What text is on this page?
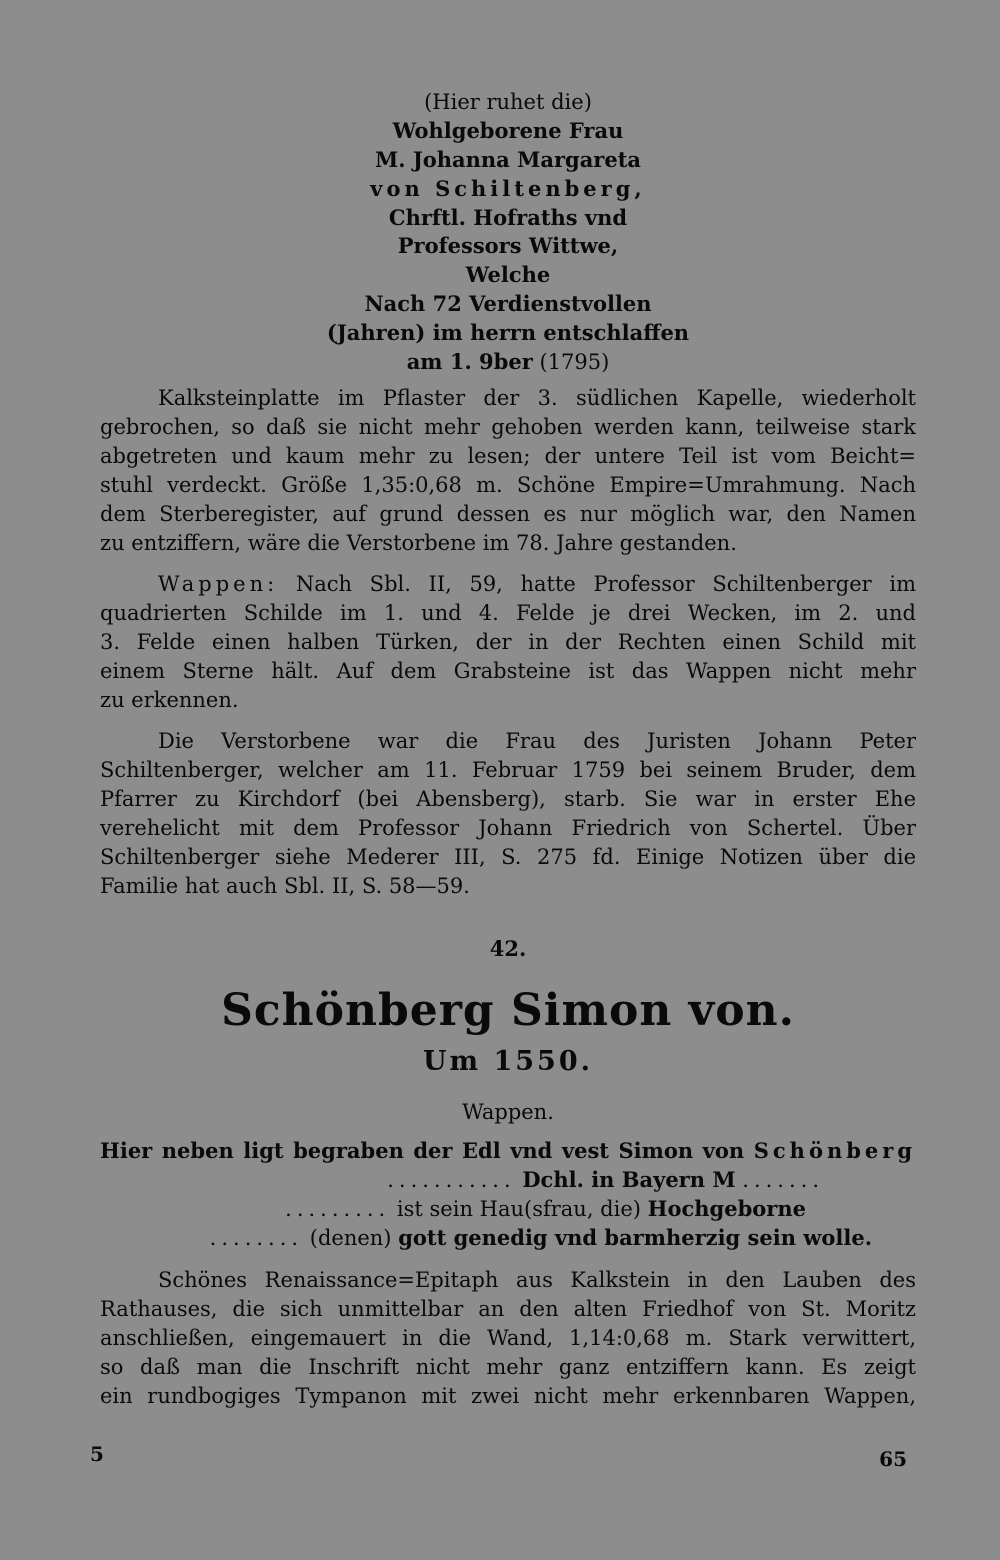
(Hier ruhet die)
Wohlgeborene Frau
M. Johanna Margareta
von Schiltenberg,
Chrftl. Hofraths vnd
Professors Wittwe,
Welche
Nach 72 Verdienstvollen
(Jahren) im herrn entschlaffen
am 1. 9ber (1795)
Kalksteinplatte im Pflaster der 3. südlichen Kapelle, wiederholt
gebrochen, so daß sie nicht mehr gehoben werden kann, teilweise stark
abgetreten und kaum mehr zu lesen; der untere Teil ist vom Beicht=
stuhl verdeckt. Größe 1,35:0,68 m. Schöne Empire=Umrahmung. Nach
dem Sterberegister, auf grund dessen es nur möglich war, den Namen
zu entziffern, wäre die Verstorbene im 78. Jahre gestanden.
Wappen: Nach Sbl. II, 59, hatte Professor Schiltenberger im
quadrierten Schilde im 1. und 4. Felde je drei Wecken, im 2. und
3. Felde einen halben Türken, der in der Rechten einen Schild mit
einem Sterne hält. Auf dem Grabsteine ist das Wappen nicht mehr
zu erkennen.
Die Verstorbene war die Frau des Juristen Johann Peter
Schiltenberger, welcher am 11. Februar 1759 bei seinem Bruder, dem
Pfarrer zu Kirchdorf (bei Abensberg), starb. Sie war in erster Ehe
verehelicht mit dem Professor Johann Friedrich von Schertel. Über
Schiltenberger siehe Mederer III, S. 275 fd. Einige Notizen über die
Familie hat auch Sbl. II, S. 58—59.
42.
Schönberg Simon von.
Um 1550.
Wappen.
Hier neben ligt begraben der Edl vnd vest Simon von Schönberg
........... Dchl. in Bayern M .......
......... ist sein Hau(sfrau, die) Hochgeborne
........ (denen) gott genedig vnd barmherzig sein wolle.
Schönes Renaissance=Epitaph aus Kalkstein in den Lauben des
Rathauses, die sich unmittelbar an den alten Friedhof von St. Moritz
anschließen, eingemauert in die Wand, 1,14:0,68 m. Stark verwittert,
so daß man die Inschrift nicht mehr ganz entziffern kann. Es zeigt
ein rundbogiges Tympanon mit zwei nicht mehr erkennbaren Wappen,
5	65
